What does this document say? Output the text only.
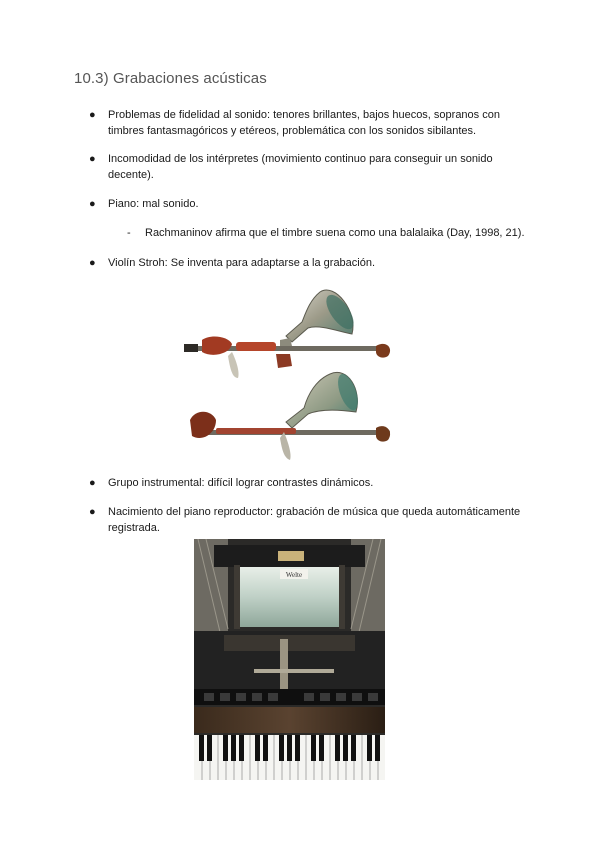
10.3) Grabaciones acústicas
●	Problemas de fidelidad al sonido: tenores brillantes, bajos huecos, sopranos con timbres fantasmagóricos y etéreos, problemática con los sonidos sibilantes.
●	Incomodidad de los intérpretes (movimiento continuo para conseguir un sonido decente).
●	Piano: mal sonido.
- Rachmaninov afirma que el timbre suena como una balalaika (Day, 1998, 21).
●	Violín Stroh: Se inventa para adaptarse a la grabación.
●	Grupo instrumental: difícil lograr contrastes dinámicos.
●	Nacimiento del piano reproductor: grabación de música que queda automáticamente registrada.
Welte
